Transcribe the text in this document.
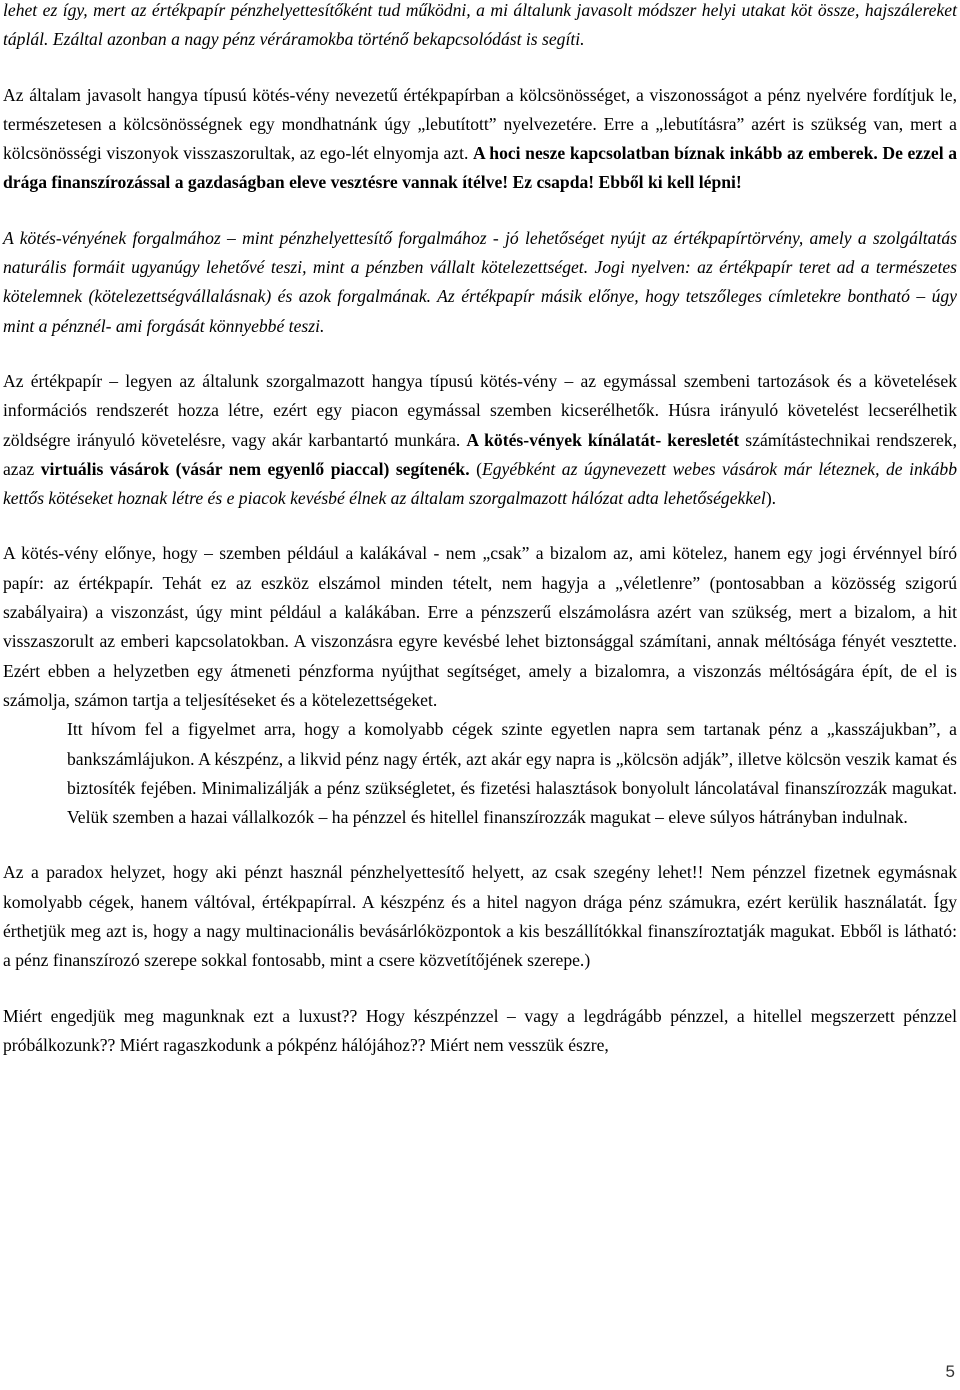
lehet ez így, mert az értékpapír pénzhelyettesítőként tud működni, a mi általunk javasolt módszer helyi utakat köt össze, hajszálereket táplál. Ezáltal azonban a nagy pénz véráramokba történő bekapcsolódást is segíti.

Az általam javasolt hangya típusú kötés-vény nevezetű értékpapírban a kölcsönösséget, a viszonosságot a pénz nyelvére fordítjuk le, természetesen a kölcsönösségnek egy mondhatnánk úgy „lebutított” nyelvezetére. Erre a „lebutításra” azért is szükség van, mert a kölcsönösségi viszonyok visszaszorultak, az ego-lét elnyomja azt. A hoci nesze kapcsolatban bíznak inkább az emberek. De ezzel a drága finanszírozással a gazdaságban eleve vesztésre vannak ítélve! Ez csapda! Ebből ki kell lépni!

A kötés-vényének forgalmához – mint pénzhelyettesítő forgalmához - jó lehetőséget nyújt az értékpapírtörvény, amely a szolgáltatás naturális formáit ugyanúgy lehetővé teszi, mint a pénzben vállalt kötelezettséget. Jogi nyelven: az értékpapír teret ad a természetes kötelemnek (kötelezettségvállalásnak) és azok forgalmának. Az értékpapír másik előnye, hogy tetszőleges címletekre bontható – úgy mint a pénznél- ami forgását könnyebbé teszi.

Az értékpapír – legyen az általunk szorgalmazott hangya típusú kötés-vény – az egymással szembeni tartozások és a követelések információs rendszerét hozza létre, ezért egy piacon egymással szemben kicserélhetők. Húsra irányuló követelést lecserélhetik zöldségre irányuló követelésre, vagy akár karbantartó munkára. A kötés-vények kínálatát- keresletét számítástechnikai rendszerek, azaz virtuális vásárok (vásár nem egyenlő piaccal) segítenék. (Egyébként az úgynevezett webes vásárok már léteznek, de inkább kettős kötéseket hoznak létre és e piacok kevésbé élnek az általam szorgalmazott hálózat adta lehetőségekkel).

A kötés-vény előnye, hogy – szemben például a kalákával - nem „csak” a bizalom az, ami kötelez, hanem egy jogi érvénnyel bíró papír: az értékpapír. Tehát ez az eszköz elszámol minden tételt, nem hagyja a „véletlenre” (pontosabban a közösség szigorú szabályaira) a viszonzást, úgy mint például a kalákában. Erre a pénzszerű elszámolásra azért van szükség, mert a bizalom, a hit visszaszorult az emberi kapcsolatokban. A viszonzásra egyre kevésbé lehet biztonsággal számítani, annak méltósága fényét vesztette. Ezért ebben a helyzetben egy átmeneti pénzforma nyújthat segítséget, amely a bizalomra, a viszonzás méltóságára épít, de el is számolja, számon tartja a teljesítéseket és a kötelezettségeket.

Itt hívom fel a figyelmet arra, hogy a komolyabb cégek szinte egyetlen napra sem tartanak pénz a „kasszájukban”, a bankszámlájukon. A készpénz, a likvid pénz nagy érték, azt akár egy napra is „kölcsön adják”, illetve kölcsön veszik kamat és biztosíték fejében. Minimalizálják a pénz szükségletet, és fizetési halasztások bonyolult láncolatával finanszírozzák magukat. Velük szemben a hazai vállalkozók – ha pénzzel és hitellel finanszírozzák magukat – eleve súlyos hátrányban indulnak.

Az a paradox helyzet, hogy aki pénzt használ pénzhelyettesítő helyett, az csak szegény lehet!! Nem pénzzel fizetnek egymásnak komolyabb cégek, hanem váltóval, értékpapírral. A készpénz és a hitel nagyon drága pénz számukra, ezért kerülik használatát. Így érthetjük meg azt is, hogy a nagy multinacionális bevásárlóközpontok a kis beszállítókkal finanszíroztatják magukat. Ebből is látható: a pénz finanszírozó szerepe sokkal fontosabb, mint a csere közvetítőjének szerepe.)

Miért engedjük meg magunknak ezt a luxust?? Hogy készpénzzel – vagy a legdrágább pénzzel, a hitellel megszerzett pénzzel próbálkozunk?? Miért ragaszkodunk a pókpénz hálójához?? Miért nem vesszük észre,

5
